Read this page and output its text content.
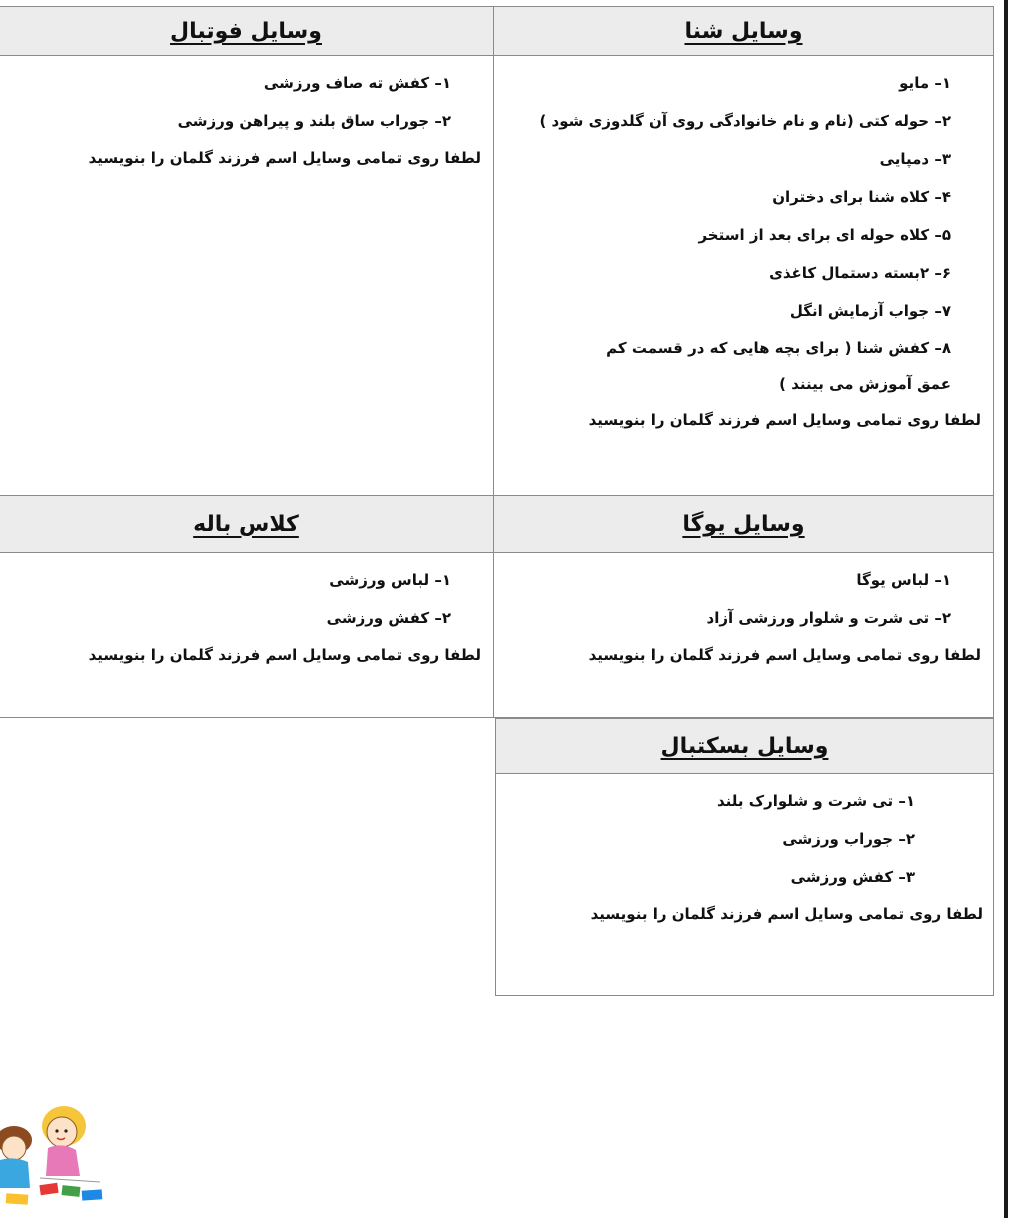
وسایل شنا
۱– مایو
۲– حوله کتی (نام و نام خانوادگی روی آن گلدوزی شود )
۳– دمپایی
۴– کلاه شنا برای دختران
۵– کلاه حوله ای برای بعد از استخر
۶– ۲بسته دستمال کاغذی
۷– جواب آزمایش انگل
۸– کفش شنا ( برای بچه هایی که در قسمت کم عمق آموزش می بینند )
لطفا روی تمامی وسایل اسم فرزند گلمان را بنویسید
وسایل فوتبال
۱– کفش ته صاف ورزشی
۲– جوراب ساق بلند و پیراهن ورزشی
لطفا روی تمامی وسایل اسم فرزند گلمان را بنویسید
وسایل یوگا
۱– لباس یوگا
۲– تی شرت و شلوار ورزشی آزاد
لطفا روی تمامی وسایل اسم فرزند گلمان را بنویسید
کلاس باله
۱– لباس ورزشی
۲– کفش ورزشی
لطفا روی تمامی وسایل اسم فرزند گلمان را بنویسید
وسایل بسکتبال
۱– تی شرت و شلوارک بلند
۲– جوراب ورزشی
۳– کفش ورزشی
لطفا روی تمامی وسایل اسم فرزند گلمان را بنویسید
